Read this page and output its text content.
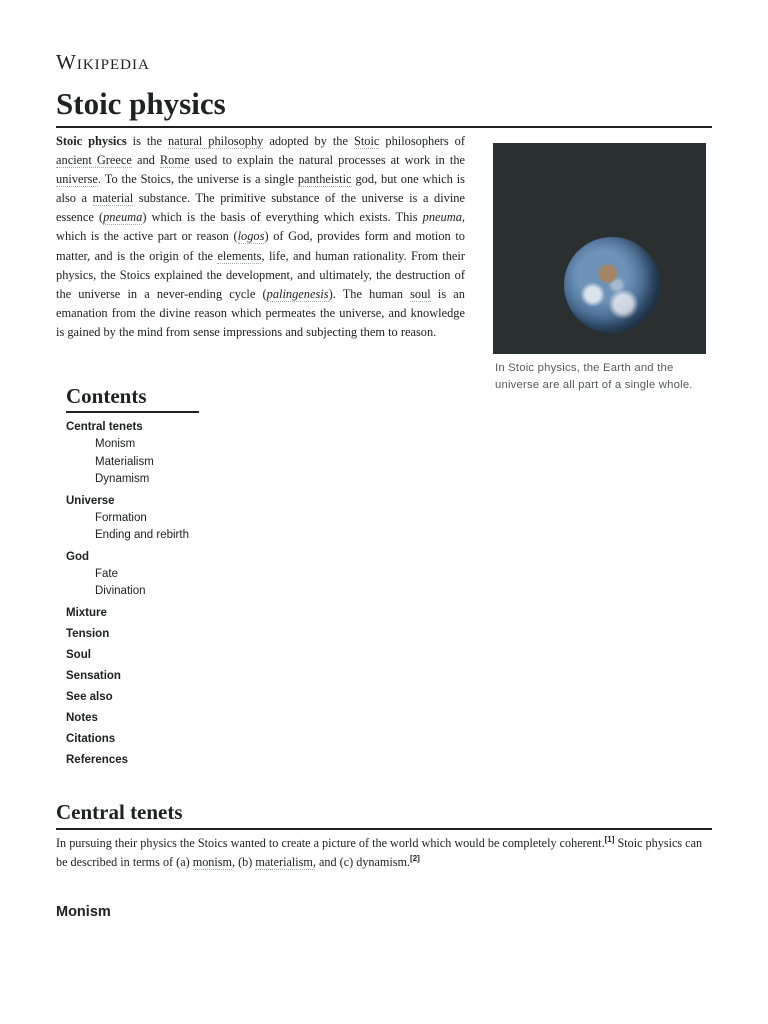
Wikipedia
Stoic physics

Stoic physics is the natural philosophy adopted by the Stoic philosophers of ancient Greece and Rome used to explain the natural processes at work in the universe. To the Stoics, the universe is a single pantheistic god, but one which is also a material substance. The primitive substance of the universe is a divine essence (pneuma) which is the basis of everything which exists. This pneuma, which is the active part or reason (logos) of God, provides form and motion to matter, and is the origin of the elements, life, and human rationality. From their physics, the Stoics explained the development, and ultimately, the destruction of the universe in a never-ending cycle (palingenesis). The human soul is an emanation from the divine reason which permeates the universe, and knowledge is gained by the mind from sense impressions and subjecting them to reason.

In Stoic physics, the Earth and the universe are all part of a single whole.
Contents
Central tenets
Monism
Materialism
Dynamism
Universe
Formation
Ending and rebirth
God
Fate
Divination
Mixture
Tension
Soul
Sensation
See also
Notes
Citations
References
Central tenets

In pursuing their physics the Stoics wanted to create a picture of the world which would be completely coherent.[1] Stoic physics can be described in terms of (a) monism, (b) materialism, and (c) dynamism.[2]

Monism
